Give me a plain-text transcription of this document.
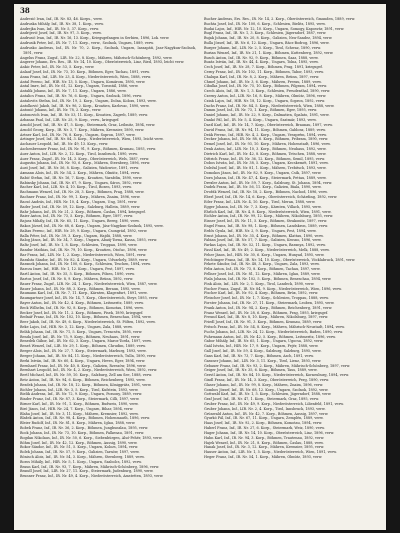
38

Andrezić Ivan, Inf., IR. Nr. 83, 46. Korps., verw.

Andruska Mihály, Inf., IR. Nr. 38, 1. Korp., verw.

Andrejka Ivan, Inf., IR. Nr. 5, 37. Korp., verw.

Andrijević Josef, Inf., IR. Nr. 97, 3. Korp., verw.

Andrusić Ivan, Inf., IR. Nr. 16, 13. Korp., Kriegsgefangen in Serbien, 1896, Lok. verw.

Andrusik Peter, Inf., IR. Nr. 7, 11. Korp., verw., Szolnok, Ungarn, 1889, verw.

Andrusko Andreas, Inf., IR. Nr. 70, 2. Korp., Szolnok, Ungarn, Iaszapáti, Jasz-Nagykun-Szolnok, 1891, verw.

Angelus Franz, Zugsf., LIR. Nr. 22, 8. Korp., Mähren, Mährisch-Schönberg, 1892, verw.

Angerer Johann, Ers. Res., IR. Nr. 14, 10. Korp., Oberösterreich, Linz, Ried, 1893, leicht verw.

Ankic Peter, Inf., IR. Nr. 53, 5. Korp., verw.

Anlauf Josef, Inf., IR. Nr. 73, 10. Korp., Böhmen, Eger, Tachau, 1891, verw.

Anna Franz, Inf., LIR. Nr. 23, 4. Korp., Niederösterreich, Wien, 1888, verw.

Antal Ferenc, Inf., HIR. Nr. 13, 5. Korp., Ungarn, Komárom, 1895, verw.

Antal Imre, Inf., IR. Nr. 61, 12. Korp., Ungarn, Torontál, 1886, verw.

Antalik Johann, Inf., IR. Nr. 7, 11. Korp., Ungarn, 1886, verw.

Antalics Franz, Inf., IR. Nr. 76, 6. Korp., Ungarn, Szolnok, 1896, verw.

Antalovits Stefan, Inf., IR. Nr. 19, 2. Korp., Ungarn, Dolna, Kolozs, 1893, verw.

Antolković Jakob, Inf., IR. Nr. 96, 2. Korp., Kroatien, Karlovac, 1890, verw.

Antonić Johann, Inf., IR. Nr. 78, 2. Korp., verw.

Antonovich Ivan, Inf., IR. Nr. 53, 11. Korp., Kroatien, Zagreb, 1889, verw.

Arbanas Paul, Inf., LIR. Nr. 25, 9. Korp., verw., kriegsgef.

Arnold Josef, Inf., IR. Nr. 47, 5. Korp., Steiermark, Graz, Leibnitz, 1894, verw.

Arnold Georg, Korp., IR. Nr. 3, 7. Korp., Mähren, Kremsier, 1890, verw.

Artner Karl, Inf., IR. Nr. 76, 8. Korp., Ungarn, Sopron, 1897, verw.

Artinger Josef, Inf., IR. Nr. 84, 3. Korp., Niederösterreich, Wien, 1895, leicht verw.

Aschauer Leopold, Inf., IR. Nr. 49, 13. Korp., verw.

Aschenbrenner Franz, Inf., IR. Nr. 91, 9. Korp., Böhmen, Krumau, 1893, verw.

Auer Anton, Inf., LIR. Nr. 2, 12. Korp., Tirol, Innsbruck, 1890, verw.

Auer Franz, Zugsf., IR. Nr. 14, 3. Korp., Oberösterreich, Wels, 1887, verw.

Augustin Johann, Inf., IR. Nr. 93, 6. Korp., Mähren, Sternberg, 1896, verw.

Aust Josef, Inf., IR. Nr. 56, 8. Korp., Galizien, Wadowice, 1891, verw.

Axmann Alois, Inf., IR. Nr. 54, 2. Korp., Mähren, Olmütz, 1894, verw.

Babić Stefan, Inf., IR. Nr. 16, 7. Korp., Kroatien, Varaždin, 1890, verw.

Babinsky Johann, Inf., IR. Nr. 67, 9. Korp., Ungarn, Sáros, 1892, verw.

Bacher Karl, Inf., LIR. Nr. 4, 10. Korp., Tirol, Bozen, 1893, verw.

Bachmann Wenzel, Inf., IR. Nr. 28, 3. Korp., Böhmen, Prag, 1888, verw.

Bachner Franz, Inf., IR. Nr. 99, 1. Korp., Mähren, Znaim, 1896, verw.

Bacsó András, Inf., HIR. Nr. 10, 4. Korp., Ungarn, Ung, 1891, verw.

Bader Josef, Inf., IR. Nr. 59, 12. Korp., Salzburg, Hallein, 1889, verw.

Bahr Johann, Inf., IR. Nr. 21, 2. Korp., Böhmen, Časlau, 1894, kriegsgef.

Baier Anton, Inf., IR. Nr. 73, 5. Korp., Böhmen, Eger, 1897, verw.

Bajusz Mihály, Inf., IR. Nr. 65, 11. Korp., Ungarn, Bereg, 1890, verw.

Bakos József, Inf., IR. Nr. 68, 6. Korp., Ungarn, Jász-Nagykun-Szolnok, 1895, verw.

Balázs Ferenc, Inf., HIR. Nr. 29, 9. Korp., Ungarn, Csongrád, 1892, verw.

Balla Péter, Inf., IR. Nr. 39, 3. Korp., Ungarn, Hajdú, 1888, verw.

Balog János, Inf., IR. Nr. 34, 7. Korp., Ungarn, Abaúj-Torna, Kassa, 1893, verw.

Baltz Josef, Inf., IR. Nr. 1, 8. Korp., Schlesien, Troppau, 1890, verw.

Bandur Mathias, Inf., IR. Nr. 79, 10. Korp., Kroatien, Otočac, 1896, verw.

Bar Franz, Inf., LIR. Nr. 1, 2. Korp., Niederösterreich, Wien, 1891, verw.

Barabás Sándor, Inf., IR. Nr. 82, 4. Korp., Ungarn, Udvarhely, 1889, verw.

Baranek Johann, Inf., IR. Nr. 100, 6. Korp., Schlesien, Teschen, 1894, verw.

Barcza Imre, Inf., HIR. Nr. 1, 12. Korp., Ungarn, Pest, 1897, verw.

Bartl Anton, Inf., IR. Nr. 35, 5. Korp., Böhmen, Pilsen, 1890, verw.

Bartos Josef, Inf., IR. Nr. 8, 9. Korp., Mähren, Brünn, 1892, verw.

Bauer Franz, Zugsf., LIR. Nr. 24, 1. Korp., Niederösterreich, Wien, 1887, verw.

Bauer Johann, Inf., IR. Nr. 88, 3. Korp., Böhmen, Beraun, 1895, verw.

Baumann Karl, Inf., IR. Nr. 7, 11. Korp., Kärnten, Klagenfurt, 1891, verw.

Baumgartner Josef, Inf., IR. Nr. 14, 7. Korp., Oberösterreich, Steyr, 1893, verw.

Bayer Anton, Inf., IR. Nr. 42, 4. Korp., Böhmen, Leitmeritz, 1889, verw.

Beck Wilhelm, Inf., IR. Nr. 92, 8. Korp., Böhmen, Komotau, 1896, verw.

Becker Josef, Inf., IR. Nr. 11, 2. Korp., Böhmen, Pisek, 1890, kriegsgef.

Bednář Franz, Inf., IR. Nr. 102, 10. Korp., Böhmen, Beneschau, 1894, verw.

Beer Jakob, Inf., IR. Nr. 49, 6. Korp., Niederösterreich, St. Pölten, 1892, verw.

Beke Lajos, Inf., HIR. Nr. 3, 12. Korp., Ungarn, Zala, 1888, verw.

Belák Johann, Inf., IR. Nr. 71, 5. Korp., Ungarn, Trencsén, 1895, verw.

Benda Josef, Inf., IR. Nr. 75, 9. Korp., Böhmen, Neuhaus, 1891, verw.

Benedek Gábor, Inf., IR. Nr. 62, 3. Korp., Ungarn, Maros-Torda, 1897, verw.

Beneš Wenzel, Inf., LIR. Nr. 29, 1. Korp., Böhmen, Chrudim, 1889, verw.

Berger Alois, Inf., IR. Nr. 27, 7. Korp., Steiermark, Marburg, 1893, verw.

Berger Johann, Inf., IR. Nr. 84, 11. Korp., Niederösterreich, Tulln, 1890, verw.

Berki István, Inf., IR. Nr. 60, 4. Korp., Ungarn, Heves, Eger, 1894, verw.

Bernhard Franz, Inf., IR. Nr. 40, 8. Korp., Galizien, Rzeszów, 1896, verw.

Bernhart Leopold, Inf., IR. Nr. 4, 2. Korp., Niederösterreich, Wien, 1892, verw.

Bertl Michael, Inf., IR. Nr. 59, 10. Korp., Salzburg, Zell am See, 1888, verw.

Betz Anton, Inf., IR. Nr. 94, 6. Korp., Böhmen, Reichenberg, 1895, verw.

Bezdek Johann, Inf., IR. Nr. 18, 12. Korp., Böhmen, Königgrätz, 1891, verw.

Bichler Johann, Inf., LIR. Nr. 3, 5. Korp., Tirol, Kufstein, 1893, verw.

Bielik Andreas, Inf., IR. Nr. 72, 9. Korp., Ungarn, Pozsony, 1889, verw.

Binder Franz, Inf., IR. Nr. 87, 3. Korp., Steiermark, Cilli, 1897, verw.

Birner Karl, Inf., IR. Nr. 91, 1. Korp., Böhmen, Budweis, 1890, verw.

Biró János, Inf., HIR. Nr. 24, 7. Korp., Ungarn, Bihar, 1894, verw.

Blaha Josef, Inf., IR. Nr. 3, 11. Korp., Mähren, Kremsier, 1892, verw.

Blažek Anton, Inf., IR. Nr. 98, 4. Korp., Böhmen, Hohenmauth, 1896, verw.

Bleier Rudolf, Inf., IR. Nr. 81, 8. Korp., Mähren, Iglau, 1888, verw.

Bobek Franz, Inf., IR. Nr. 36, 2. Korp., Böhmen, Jungbunzlau, 1895, verw.

Bock Johann, Inf., IR. Nr. 73, 10. Korp., Böhmen, Falkenau, 1891, verw.

Bogdan Nikolaus, Inf., IR. Nr. 50, 6. Korp., Siebenbürgen, Alsó-Fehér, 1893, verw.

Böhm Josef, Inf., IR. Nr. 42, 12. Korp., Böhmen, Aussig, 1890, verw.

Bokor Sándor, Inf., IR. Nr. 51, 5. Korp., Ungarn, Kolozs, 1894, verw.

Bolek Johann, Inf., IR. Nr. 57, 9. Korp., Galizien, Tarnów, 1897, verw.

Bönisch Alois, Inf., IR. Nr. 54, 3. Korp., Mähren, Sternberg, 1889, verw.

Boros Mihály, Inf., HIR. Nr. 5, 1. Korp., Ungarn, Szabolcs, 1892, verw.

Braun Karl, Inf., IR. Nr. 93, 7. Korp., Mähren, Mährisch-Schönberg, 1896, verw.

Brandl Josef, Inf., LIR. Nr. 27, 11. Korp., Steiermark, Judenburg, 1890, verw.

Brunner Franz, Inf., IR. Nr. 49, 4. Korp., Niederösterreich, Amstetten, 1893, verw.

Bucher Andreas, Ers. Res., IR. Nr. 14, 2. Korp., Oberösterreich, Gmunden, 1889, verw.

Buchta Josef, Inf., IR. Nr. 100, 6. Korp., Schlesien, Bielitz, 1895, verw.

Budai Lajos, Inf., HIR. Nr. 12, 10. Korp., Ungarn, Somogy, Kaposvár, 1891, verw.

Bugl Franz, Inf., IR. Nr. 1, 3. Korp., Schlesien, Jägerndorf, 1887, verw.

Bujak Johann, Inf., IR. Nr. 20, 8. Korp., Galizien, Neu-Sandez, 1894, verw.

Bulla József, Inf., IR. Nr. 6, 12. Korp., Ungarn, Bács-Bodrog, 1896, verw.

Burger Johann, Inf., LIR. Nr. 2, 5. Korp., Tirol, Schwaz, 1890, verw.

Burian Wenzel, Inf., IR. Nr. 21, 1. Korp., Böhmen, Kuttenberg, 1892, verw.

Busch Anton, Inf., IR. Nr. 92, 9. Korp., Böhmen, Saaz, 1888, verw.

Buzás István, Inf., IR. Nr. 44, 4. Korp., Ungarn, Tolna, 1895, verw.

Cech Josef, Inf., IR. Nr. 28, 7. Korp., Böhmen, Prag, 1891, kriegsgef.

Cerny Franz, Inf., IR. Nr. 102, 11. Korp., Böhmen, Tabor, 1893, verw.

Chalupa Karl, Inf., IR. Nr. 8, 2. Korp., Mähren, Brünn, 1897, verw.

Chmel Johann, Inf., IR. Nr. 3, 6. Korp., Mähren, Prerau, 1889, verw.

Cibulka Josef, Inf., IR. Nr. 75, 10. Korp., Böhmen, Pilgram, 1894, verw.

Czech Alois, Inf., IR. Nr. 1, 3. Korp., Schlesien, Freudenthal, 1890, verw.

Czerny Anton, Inf., LIR. Nr. 16, 8. Korp., Mähren, Olmütz, 1896, verw.

Czink Lajos, Inf., HIR. Nr. 18, 12. Korp., Ungarn, Sopron, 1892, verw.

Dachs Franz, Inf., IR. Nr. 84, 5. Korp., Niederösterreich, Wien, 1888, verw.

Damm Josef, Inf., IR. Nr. 73, 1. Korp., Böhmen, Eger, 1895, verw.

Daniel Johann, Inf., IR. Nr. 22, 9. Korp., Dalmatien, Spalato, 1891, verw.

Dankó Pál, Inf., IR. Nr. 5, 4. Korp., Ungarn, Szatmár, 1893, verw.

Dastl Karl, Inf., IR. Nr. 14, 7. Korp., Oberösterreich, Braunau, 1897, verw.

David Franz, Inf., IR. Nr. 94, 11. Korp., Böhmen, Gablonz, 1889, verw.

Deák Ferenc, Inf., HIR. Nr. 4, 2. Korp., Ungarn, Veszprém, 1894, verw.

Decker Johann, Inf., IR. Nr. 88, 6. Korp., Böhmen, Pribram, 1890, verw.

Demel Josef, Inf., IR. Nr. 93, 10. Korp., Mähren, Hohenstadt, 1896, verw.

Denk Anton, Inf., LIR. Nr. 10, 3. Korp., Böhmen, Neuhaus, 1892, verw.

Dietrich Karl, Inf., IR. Nr. 42, 8. Korp., Böhmen, Tetschen, 1888, verw.

Dittrich Franz, Inf., IR. Nr. 36, 12. Korp., Böhmen, Semil, 1895, verw.

Dobos István, Inf., IR. Nr. 38, 5. Korp., Ungarn, Kecskemét, 1891, verw.

Doležal Josef, Inf., IR. Nr. 81, 1. Korp., Mähren, Trebitsch, 1893, verw.

Domokos János, Inf., IR. Nr. 82, 9. Korp., Ungarn, Csík, 1897, verw.

Dorn Johann, Inf., IR. Nr. 47, 4. Korp., Steiermark, Pettau, 1889, verw.

Drexler Anton, Inf., IR. Nr. 59, 7. Korp., Salzburg, St. Johann, 1894, verw.

Dudek Franz, Inf., IR. Nr. 56, 11. Korp., Galizien, Biala, 1890, verw.

Dvořák Wenzel, Inf., IR. Nr. 18, 2. Korp., Böhmen, Nachod, 1896, verw.

Eberl Josef, Inf., IR. Nr. 14, 6. Korp., Oberösterreich, Schärding, 1892, verw.

Eder Franz, Inf., LIR. Nr. 4, 10. Korp., Tirol, Meran, 1888, verw.

Egger Johann, Inf., IR. Nr. 7, 3. Korp., Kärnten, Villach, 1895, verw.

Ehrlich Karl, Inf., IR. Nr. 4, 8. Korp., Niederösterreich, Wien, 1891, verw.

Eichler Anton, Inf., IR. Nr. 99, 12. Korp., Mähren, Nikolsburg, 1893, verw.

Eisner Josef, Inf., IR. Nr. 11, 5. Korp., Böhmen, Strakonitz, 1897, verw.

Engel Franz, Inf., IR. Nr. 98, 1. Korp., Böhmen, Landskron, 1889, verw.

Erdős Gyula, Inf., HIR. Nr. 2, 9. Korp., Ungarn, Pest, 1894, verw.

Ernst Johann, Inf., IR. Nr. 35, 4. Korp., Böhmen, Klattau, 1890, verw.

Fabian Josef, Inf., IR. Nr. 57, 7. Korp., Galizien, Krosno, 1896, verw.

Farkas Lajos, Inf., IR. Nr. 52, 11. Korp., Ungarn, Baranya, 1892, verw.

Fassl Karl, Inf., IR. Nr. 49, 2. Korp., Niederösterreich, Melk, 1888, verw.

Feher János, Inf., HIR. Nr. 30, 6. Korp., Ungarn, Hunyad, 1895, verw.

Feichtinger Franz, Inf., IR. Nr. 14, 10. Korp., Oberösterreich, Vöcklabruck, 1891, verw.

Fekete Sándor, Inf., IR. Nr. 48, 3. Korp., Ungarn, Zala, 1893, verw.

Felix Anton, Inf., IR. Nr. 73, 8. Korp., Böhmen, Tachau, 1897, verw.

Fellner Josef, Inf., IR. Nr. 81, 12. Korp., Mähren, Iglau, 1889, verw.

Fiala Johann, Inf., IR. Nr. 102, 5. Korp., Böhmen, Beneschau, 1894, verw.

Fink Alois, Inf., LIR. Nr. 2, 1. Korp., Tirol, Landeck, 1890, verw.

Fischer Franz, Zugsf., IR. Nr. 84, 9. Korp., Niederösterreich, Wien, 1896, verw.

Fischer Karl, Inf., IR. Nr. 92, 4. Korp., Böhmen, Brüx, 1892, verw.

Fleischer Josef, Inf., IR. Nr. 1, 7. Korp., Schlesien, Troppau, 1888, verw.

Forster Johann, Inf., IR. Nr. 27, 11. Korp., Steiermark, Leoben, 1895, verw.

Frank Anton, Inf., IR. Nr. 94, 2. Korp., Böhmen, Reichenberg, 1891, verw.

Franz Wenzel, Inf., IR. Nr. 28, 6. Korp., Böhmen, Prag, 1893, kriegsgef.

Freund Karl, Inf., IR. Nr. 8, 10. Korp., Mähren, Nikolsburg, 1897, verw.

Friedl Josef, Inf., IR. Nr. 91, 3. Korp., Böhmen, Krumau, 1889, verw.

Fritsch Franz, Inf., IR. Nr. 54, 8. Korp., Mähren, Mährisch-Neustadt, 1894, verw.

Fuchs Johann, Inf., LIR. Nr. 24, 12. Korp., Niederösterreich, Baden, 1890, verw.

Fuhrmann Anton, Inf., IR. Nr. 42, 5. Korp., Böhmen, Leitmeritz, 1896, verw.

Gabor Mihály, Inf., IR. Nr. 65, 1. Korp., Ungarn, Ugocsa, 1892, verw.

Gaál István, Inf., HIR. Nr. 17, 9. Korp., Ungarn, Fejér, 1888, verw.

Gall Josef, Inf., IR. Nr. 59, 4. Korp., Salzburg, Salzburg, 1895, verw.

Gans Karl, Inf., IR. Nr. 73, 7. Korp., Böhmen, Asch, 1891, verw.

Gassner Johann, Inf., LIR. Nr. 3, 11. Korp., Tirol, Lienz, 1893, verw.

Gebauer Franz, Inf., IR. Nr. 93, 2. Korp., Mähren, Mährisch-Schönberg, 1897, verw.

Geiger Josef, Inf., IR. Nr. 35, 6. Korp., Böhmen, Taus, 1889, verw.

Gerstl Anton, Inf., IR. Nr. 84, 10. Korp., Niederösterreich, Korneuburg, 1894, verw.

Gindl Franz, Inf., IR. Nr. 14, 3. Korp., Oberösterreich, Perg, 1890, verw.

Glaser Johann, Inf., IR. Nr. 99, 8. Korp., Mähren, Znaim, 1896, verw.

Gombos József, Inf., IR. Nr. 68, 12. Korp., Ungarn, Szolnok, 1892, verw.

Gottwald Karl, Inf., IR. Nr. 1, 5. Korp., Schlesien, Jägerndorf, 1888, verw.

Graf Josef, Inf., IR. Nr. 47, 1. Korp., Steiermark, Graz, 1895, verw.

Gruber Franz, Inf., IR. Nr. 49, 9. Korp., Niederösterreich, Lilienfeld, 1891, verw.

Gruber Johann, Inf., LIR. Nr. 2, 4. Korp., Tirol, Innsbruck, 1893, verw.

Grünwald Anton, Inf., IR. Nr. 42, 7. Korp., Böhmen, Aussig, 1897, verw.

Gyurkó Pál, Inf., IR. Nr. 67, 11. Korp., Ungarn, Zemplén, 1889, verw.

Haas Josef, Inf., IR. Nr. 92, 2. Korp., Böhmen, Komotau, 1894, verw.

Haberl Franz, Inf., IR. Nr. 27, 6. Korp., Steiermark, Weiz, 1890, verw.

Hager Johann, Inf., IR. Nr. 14, 10. Korp., Oberösterreich, Linz, 1896, verw.

Hahn Karl, Inf., IR. Nr. 94, 3. Korp., Böhmen, Trautenau, 1892, verw.

Hajek Wenzel, Inf., IR. Nr. 21, 8. Korp., Böhmen, Časlau, 1888, verw.

Hanak Josef, Inf., IR. Nr. 3, 12. Korp., Mähren, Kremsier, 1895, verw.

Hauser Anton, Inf., LIR. Nr. 1, 5. Korp., Niederösterreich, Wien, 1891, verw.

Heger Franz, Inf., IR. Nr. 54, 1. Korp., Mähren, Olmütz, 1893, verw.
